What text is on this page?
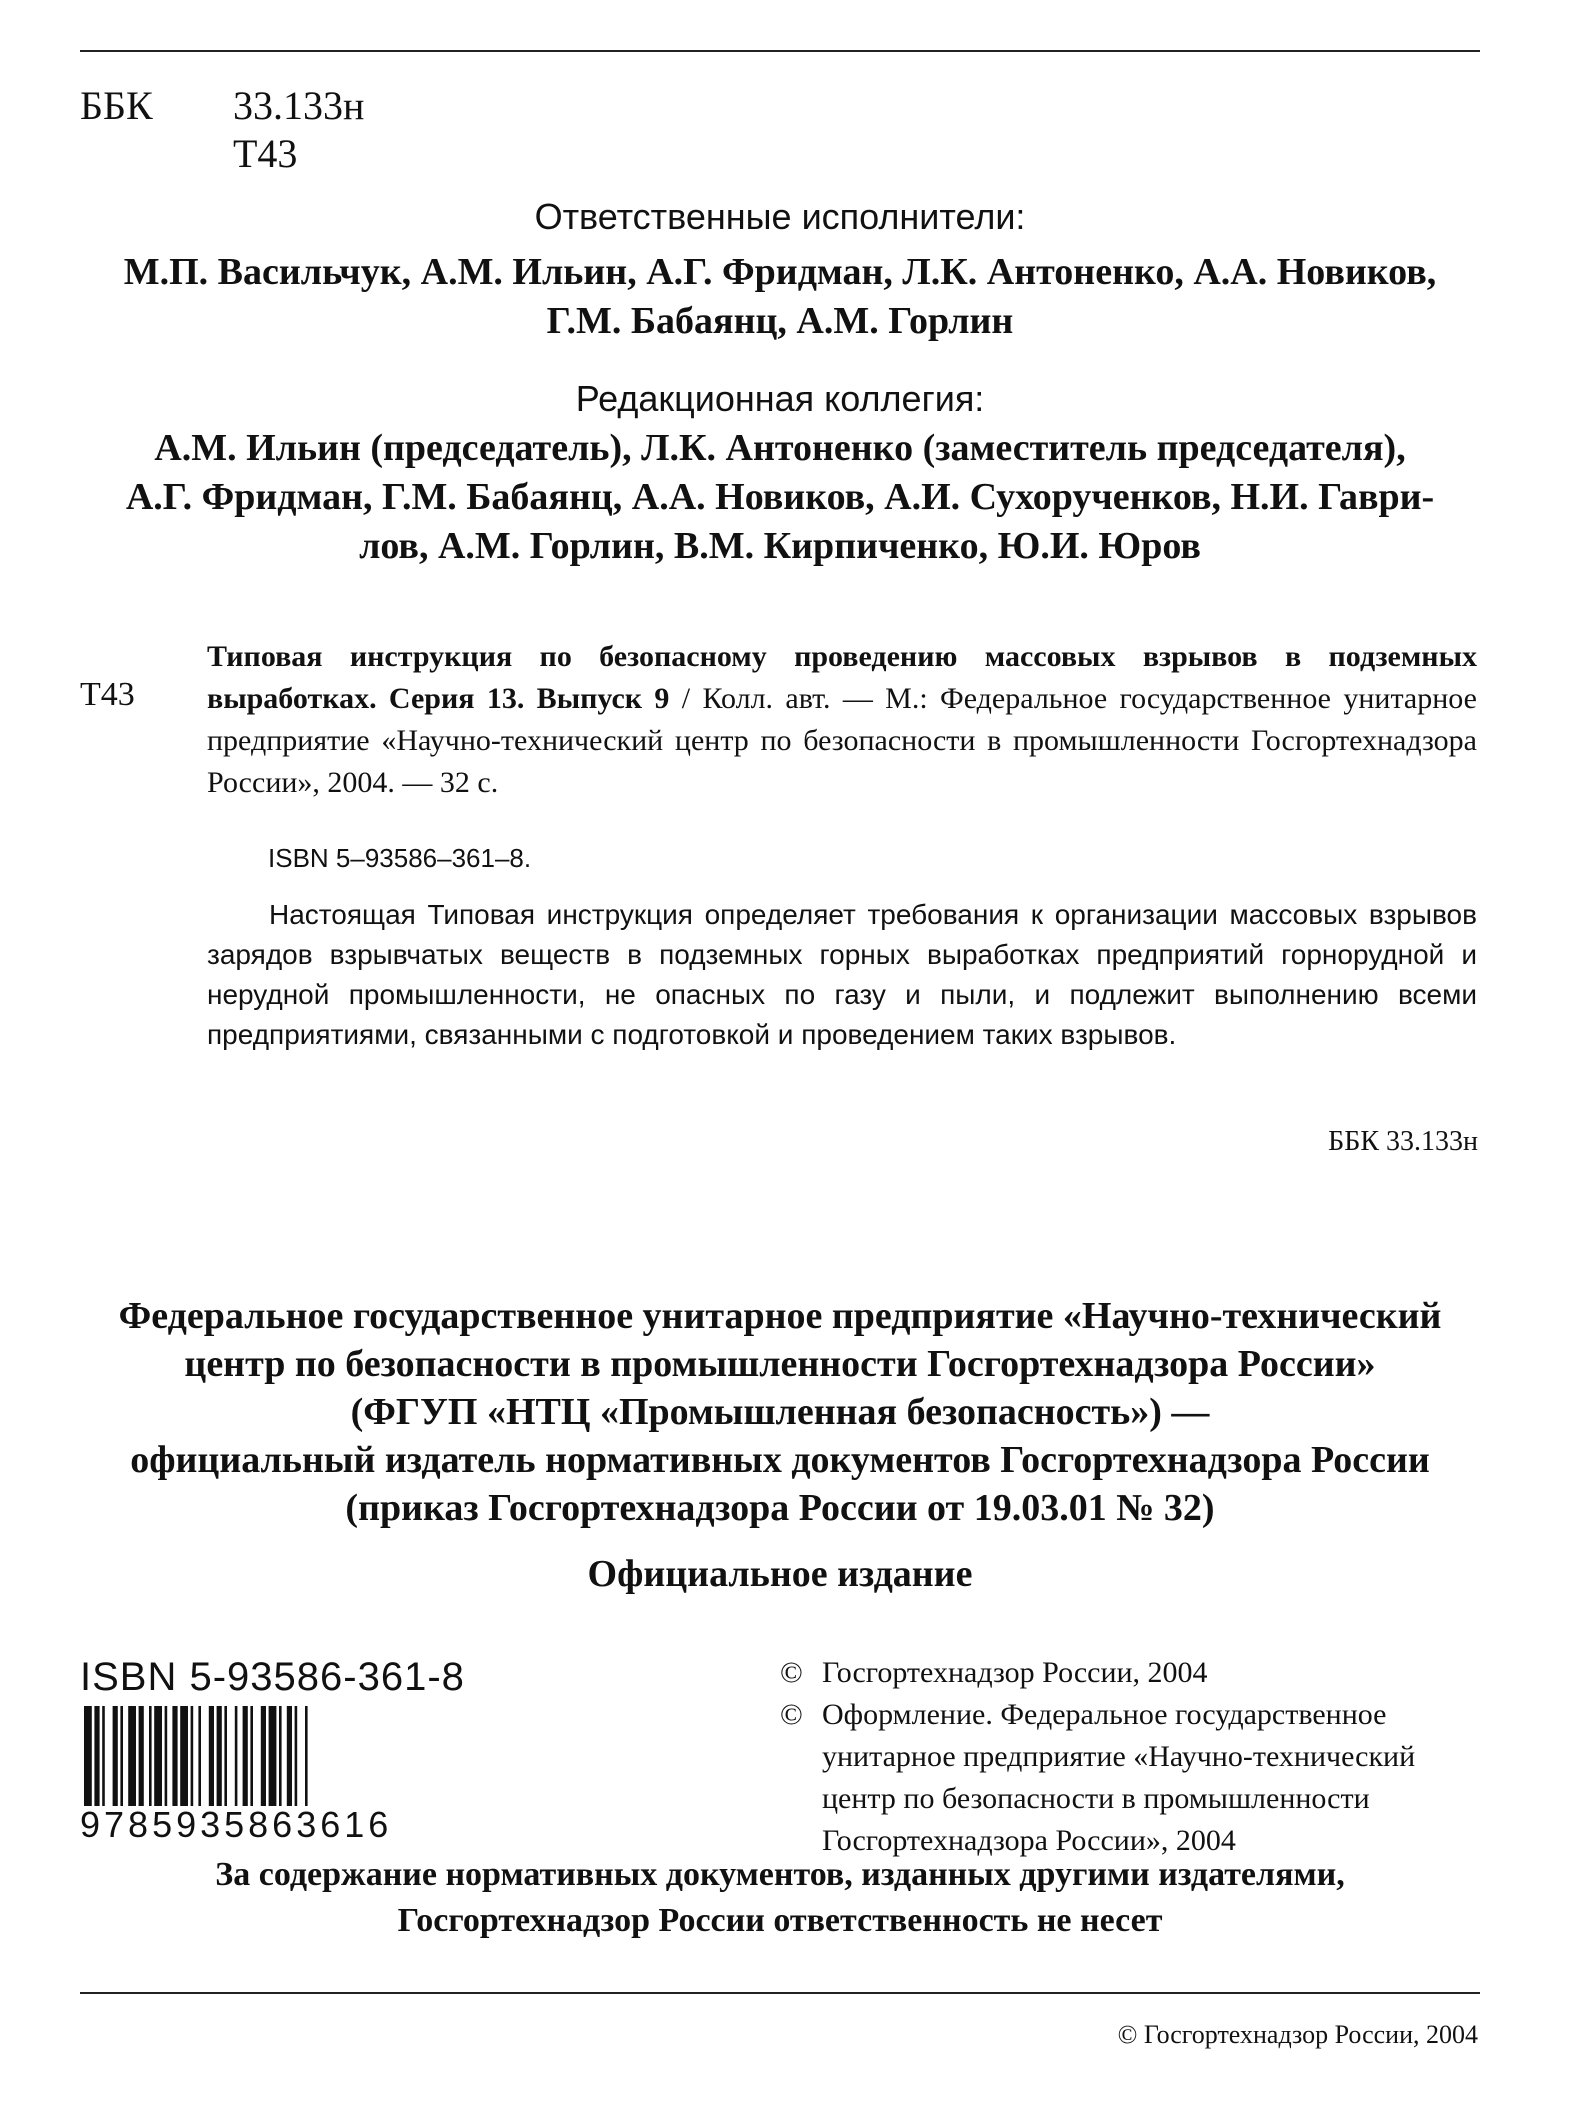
ББК 33.133н
Т43
Ответственные исполнители:
М.П. Васильчук, А.М. Ильин, А.Г. Фридман, Л.К. Антоненко, А.А. Новиков,
Г.М. Бабаянц, А.М. Горлин
Редакционная коллегия:
А.М. Ильин (председатель), Л.К. Антоненко (заместитель председателя),
А.Г. Фридман, Г.М. Бабаянц, А.А. Новиков, А.И. Сухорученков, Н.И. Гаври-
лов, А.М. Горлин, В.М. Кирпиченко, Ю.И. Юров
Т43
Типовая инструкция по безопасному проведению массовых взрывов в подземных выработках. Серия 13. Выпуск 9 / Колл. авт. — М.: Федеральное государственное унитарное предприятие «Научно-технический центр по безопасности в промышленности Госгортехнадзора России», 2004. — 32 с.
ISBN 5–93586–361–8.
Настоящая Типовая инструкция определяет требования к организации массовых взрывов зарядов взрывчатых веществ в подземных горных выработках предприятий горнорудной и нерудной промышленности, не опасных по газу и пыли, и подлежит выполнению всеми предприятиями, связанными с подготовкой и проведением таких взрывов.
ББК 33.133н
Федеральное государственное унитарное предприятие «Научно-технический
центр по безопасности в промышленности Госгортехнадзора России»
(ФГУП «НТЦ «Промышленная безопасность») —
официальный издатель нормативных документов Госгортехнадзора России
(приказ Госгортехнадзора России от 19.03.01 № 32)
Официальное издание
ISBN 5-93586-361-8
9785935863616
© Госгортехнадзор России, 2004
© Оформление. Федеральное государственное
унитарное предприятие «Научно-технический
центр по безопасности в промышленности
Госгортехнадзора России», 2004
За содержание нормативных документов, изданных другими издателями,
Госгортехнадзор России ответственность не несет
© Госгортехнадзор России, 2004
